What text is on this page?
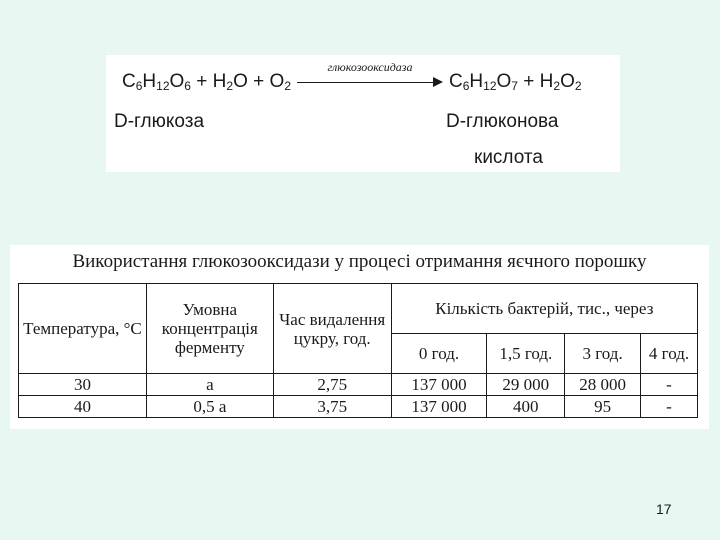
$C_6H_{12}O_6$
+
$H_2O$
+
$O_2$
глюкозооксидаза
$C_6H_{12}O_7$
+
$H_2O_2$
D-глюкоза	D-глюконова
кислота
Використання глюкозооксидази у процесі отримання яєчного порошку
Температура, °C	Умовна концентрація ферменту	Час видалення цукру, год.	Кількість бактерій, тис., через			
			0 год.	1,5 год.	3 год.	4 год.
30	a	2,75	137 000	29 000	28 000	-
40	0,5 a	3,75	137 000	400	95	-
17
